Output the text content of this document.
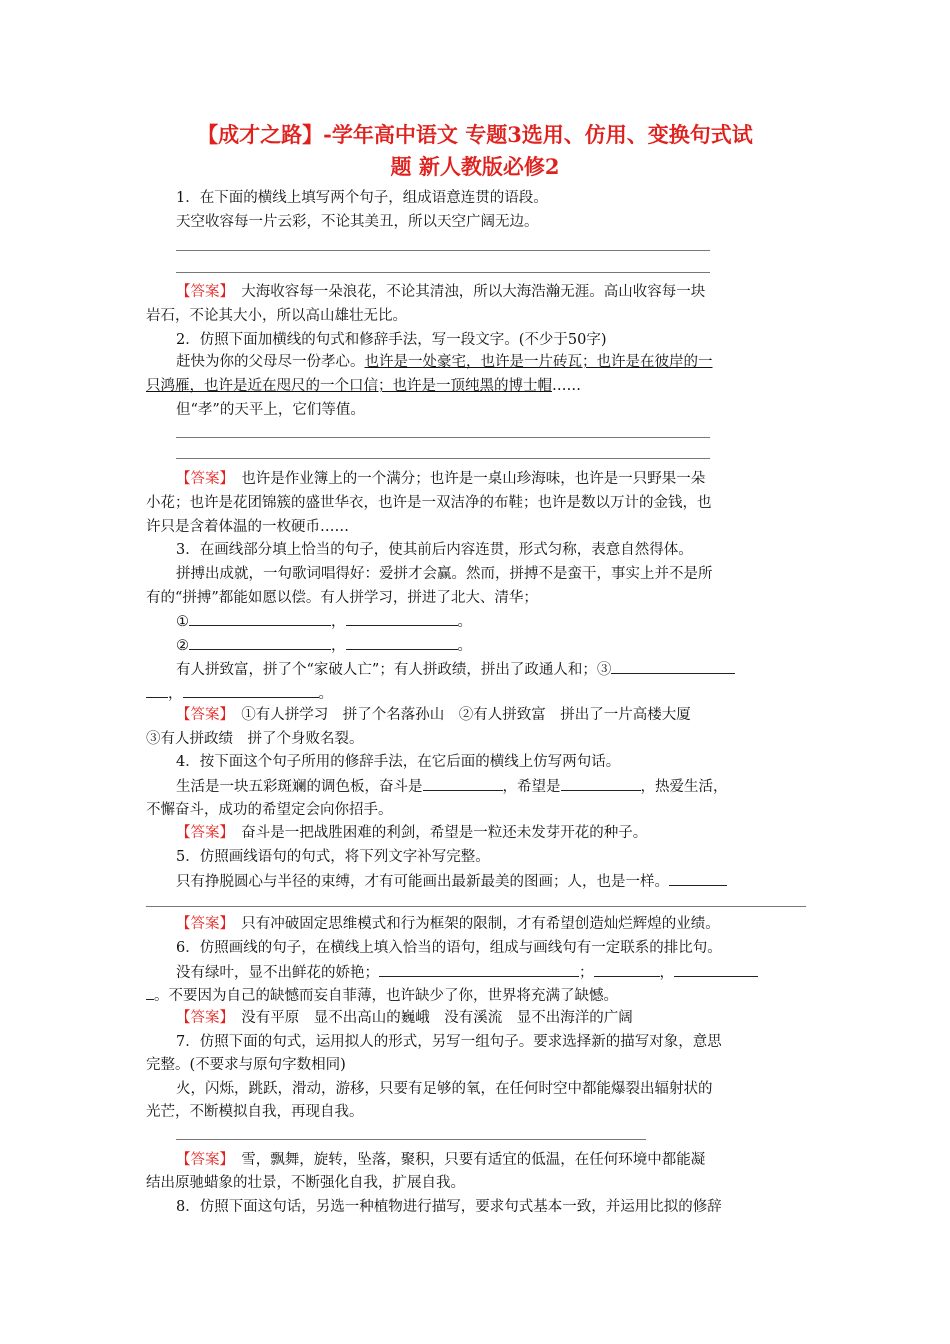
【成才之路】-学年高中语文 专题3选用、仿用、变换句式试
题 新人教版必修2
1．在下面的横线上填写两个句子，组成语意连贯的语段。
天空收容每一片云彩，不论其美丑，所以天空广阔无边。
【答案】　 大海收容每一朵浪花，不论其清浊，所以大海浩瀚无涯。高山收容每一块
岩石，不论其大小，所以高山雄壮无比。
2．仿照下面加横线的句式和修辞手法，写一段文字。(不少于50字)
赶快为你的父母尽一份孝心。也许是一处豪宅，也许是一片砖瓦；也许是在彼岸的一
只鸿雁，也许是近在咫尺的一个口信；也许是一顶纯黑的博士帽……
但“孝”的天平上，它们等值。
【答案】　 也许是作业簿上的一个满分；也许是一桌山珍海味，也许是一只野果一朵
小花；也许是花团锦簇的盛世华衣，也许是一双洁净的布鞋；也许是数以万计的金钱，也
许只是含着体温的一枚硬币……
3．在画线部分填上恰当的句子，使其前后内容连贯，形式匀称，表意自然得体。
拼搏出成就，一句歌词唱得好：爱拼才会赢。然而，拼搏不是蛮干，事实上并不是所
有的“拼搏”都能如愿以偿。有人拼学习，拼进了北大、清华；
①	，	。
②	，	。
有人拼致富，拼了个“家破人亡”；有人拼政绩，拼出了政通人和；③
，	。
【答案】　 ①有人拼学习　拼了个名落孙山　②有人拼致富　拼出了一片高楼大厦
③有人拼政绩　拼了个身败名裂。
4．按下面这个句子所用的修辞手法，在它后面的横线上仿写两句话。
生活是一块五彩斑斓的调色板，奋斗是	，希望是	，热爱生活，
不懈奋斗，成功的希望定会向你招手。
【答案】　 奋斗是一把战胜困难的利剑，希望是一粒还未发芽开花的种子。
5．仿照画线语句的句式，将下列文字补写完整。
只有挣脱圆心与半径的束缚，才有可能画出最新最美的图画；人，也是一样。
【答案】　 只有冲破固定思维模式和行为框架的限制，才有希望创造灿烂辉煌的业绩。
6．仿照画线的句子，在横线上填入恰当的语句，组成与画线句有一定联系的排比句。
没有绿叶，显不出鲜花的娇艳；	；	，
。不要因为自己的缺憾而妄自菲薄，也许缺少了你，世界将充满了缺憾。
【答案】　 没有平原　显不出高山的巍峨　没有溪流　显不出海洋的广阔
7．仿照下面的句式，运用拟人的形式，另写一组句子。要求选择新的描写对象，意思
完整。(不要求与原句字数相同)
火，闪烁，跳跃，滑动，游移，只要有足够的氧，在任何时空中都能爆裂出辐射状的
光芒，不断模拟自我，再现自我。
【答案】　 雪，飘舞，旋转，坠落，聚积，只要有适宜的低温，在任何环境中都能凝
结出原驰蜡象的壮景，不断强化自我，扩展自我。
8．仿照下面这句话，另选一种植物进行描写，要求句式基本一致，并运用比拟的修辞
